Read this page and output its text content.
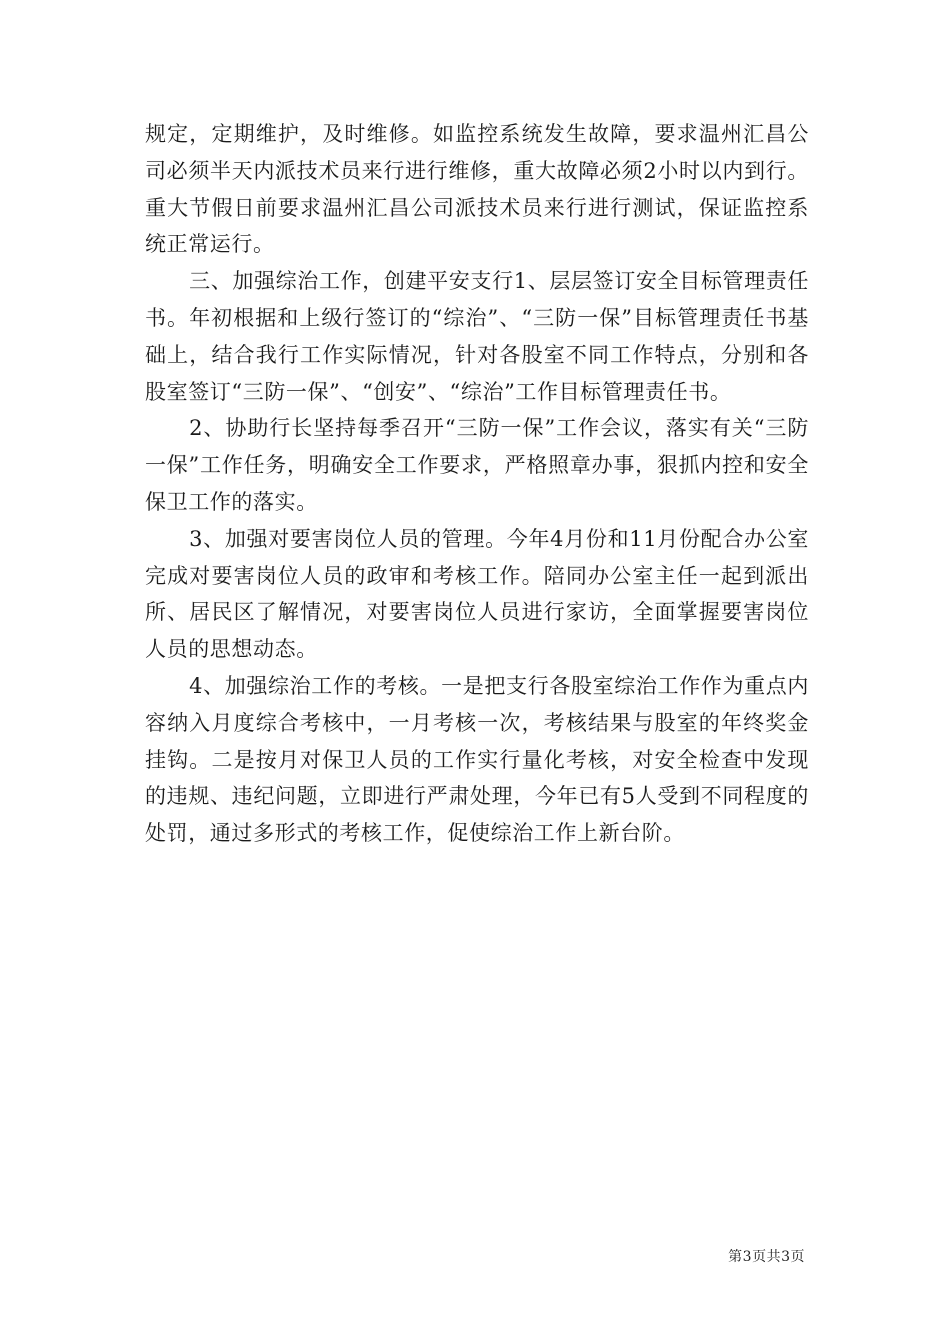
规定，定期维护，及时维修。如监控系统发生故障，要求温州汇昌公司必须半天内派技术员来行进行维修，重大故障必须2小时以内到行。重大节假日前要求温州汇昌公司派技术员来行进行测试，保证监控系统正常运行。

三、加强综治工作，创建平安支行1、层层签订安全目标管理责任书。年初根据和上级行签订的“综治”、“三防一保”目标管理责任书基础上，结合我行工作实际情况，针对各股室不同工作特点，分别和各股室签订“三防一保”、“创安”、“综治”工作目标管理责任书。

2、协助行长坚持每季召开“三防一保”工作会议，落实有关“三防一保”工作任务，明确安全工作要求，严格照章办事，狠抓内控和安全保卫工作的落实。

3、加强对要害岗位人员的管理。今年4月份和11月份配合办公室完成对要害岗位人员的政审和考核工作。陪同办公室主任一起到派出所、居民区了解情况，对要害岗位人员进行家访，全面掌握要害岗位人员的思想动态。

4、加强综治工作的考核。一是把支行各股室综治工作作为重点内容纳入月度综合考核中，一月考核一次，考核结果与股室的年终奖金挂钩。二是按月对保卫人员的工作实行量化考核，对安全检查中发现的违规、违纪问题，立即进行严肃处理，今年已有5人受到不同程度的处罚，通过多形式的考核工作，促使综治工作上新台阶。

第3页共3页
